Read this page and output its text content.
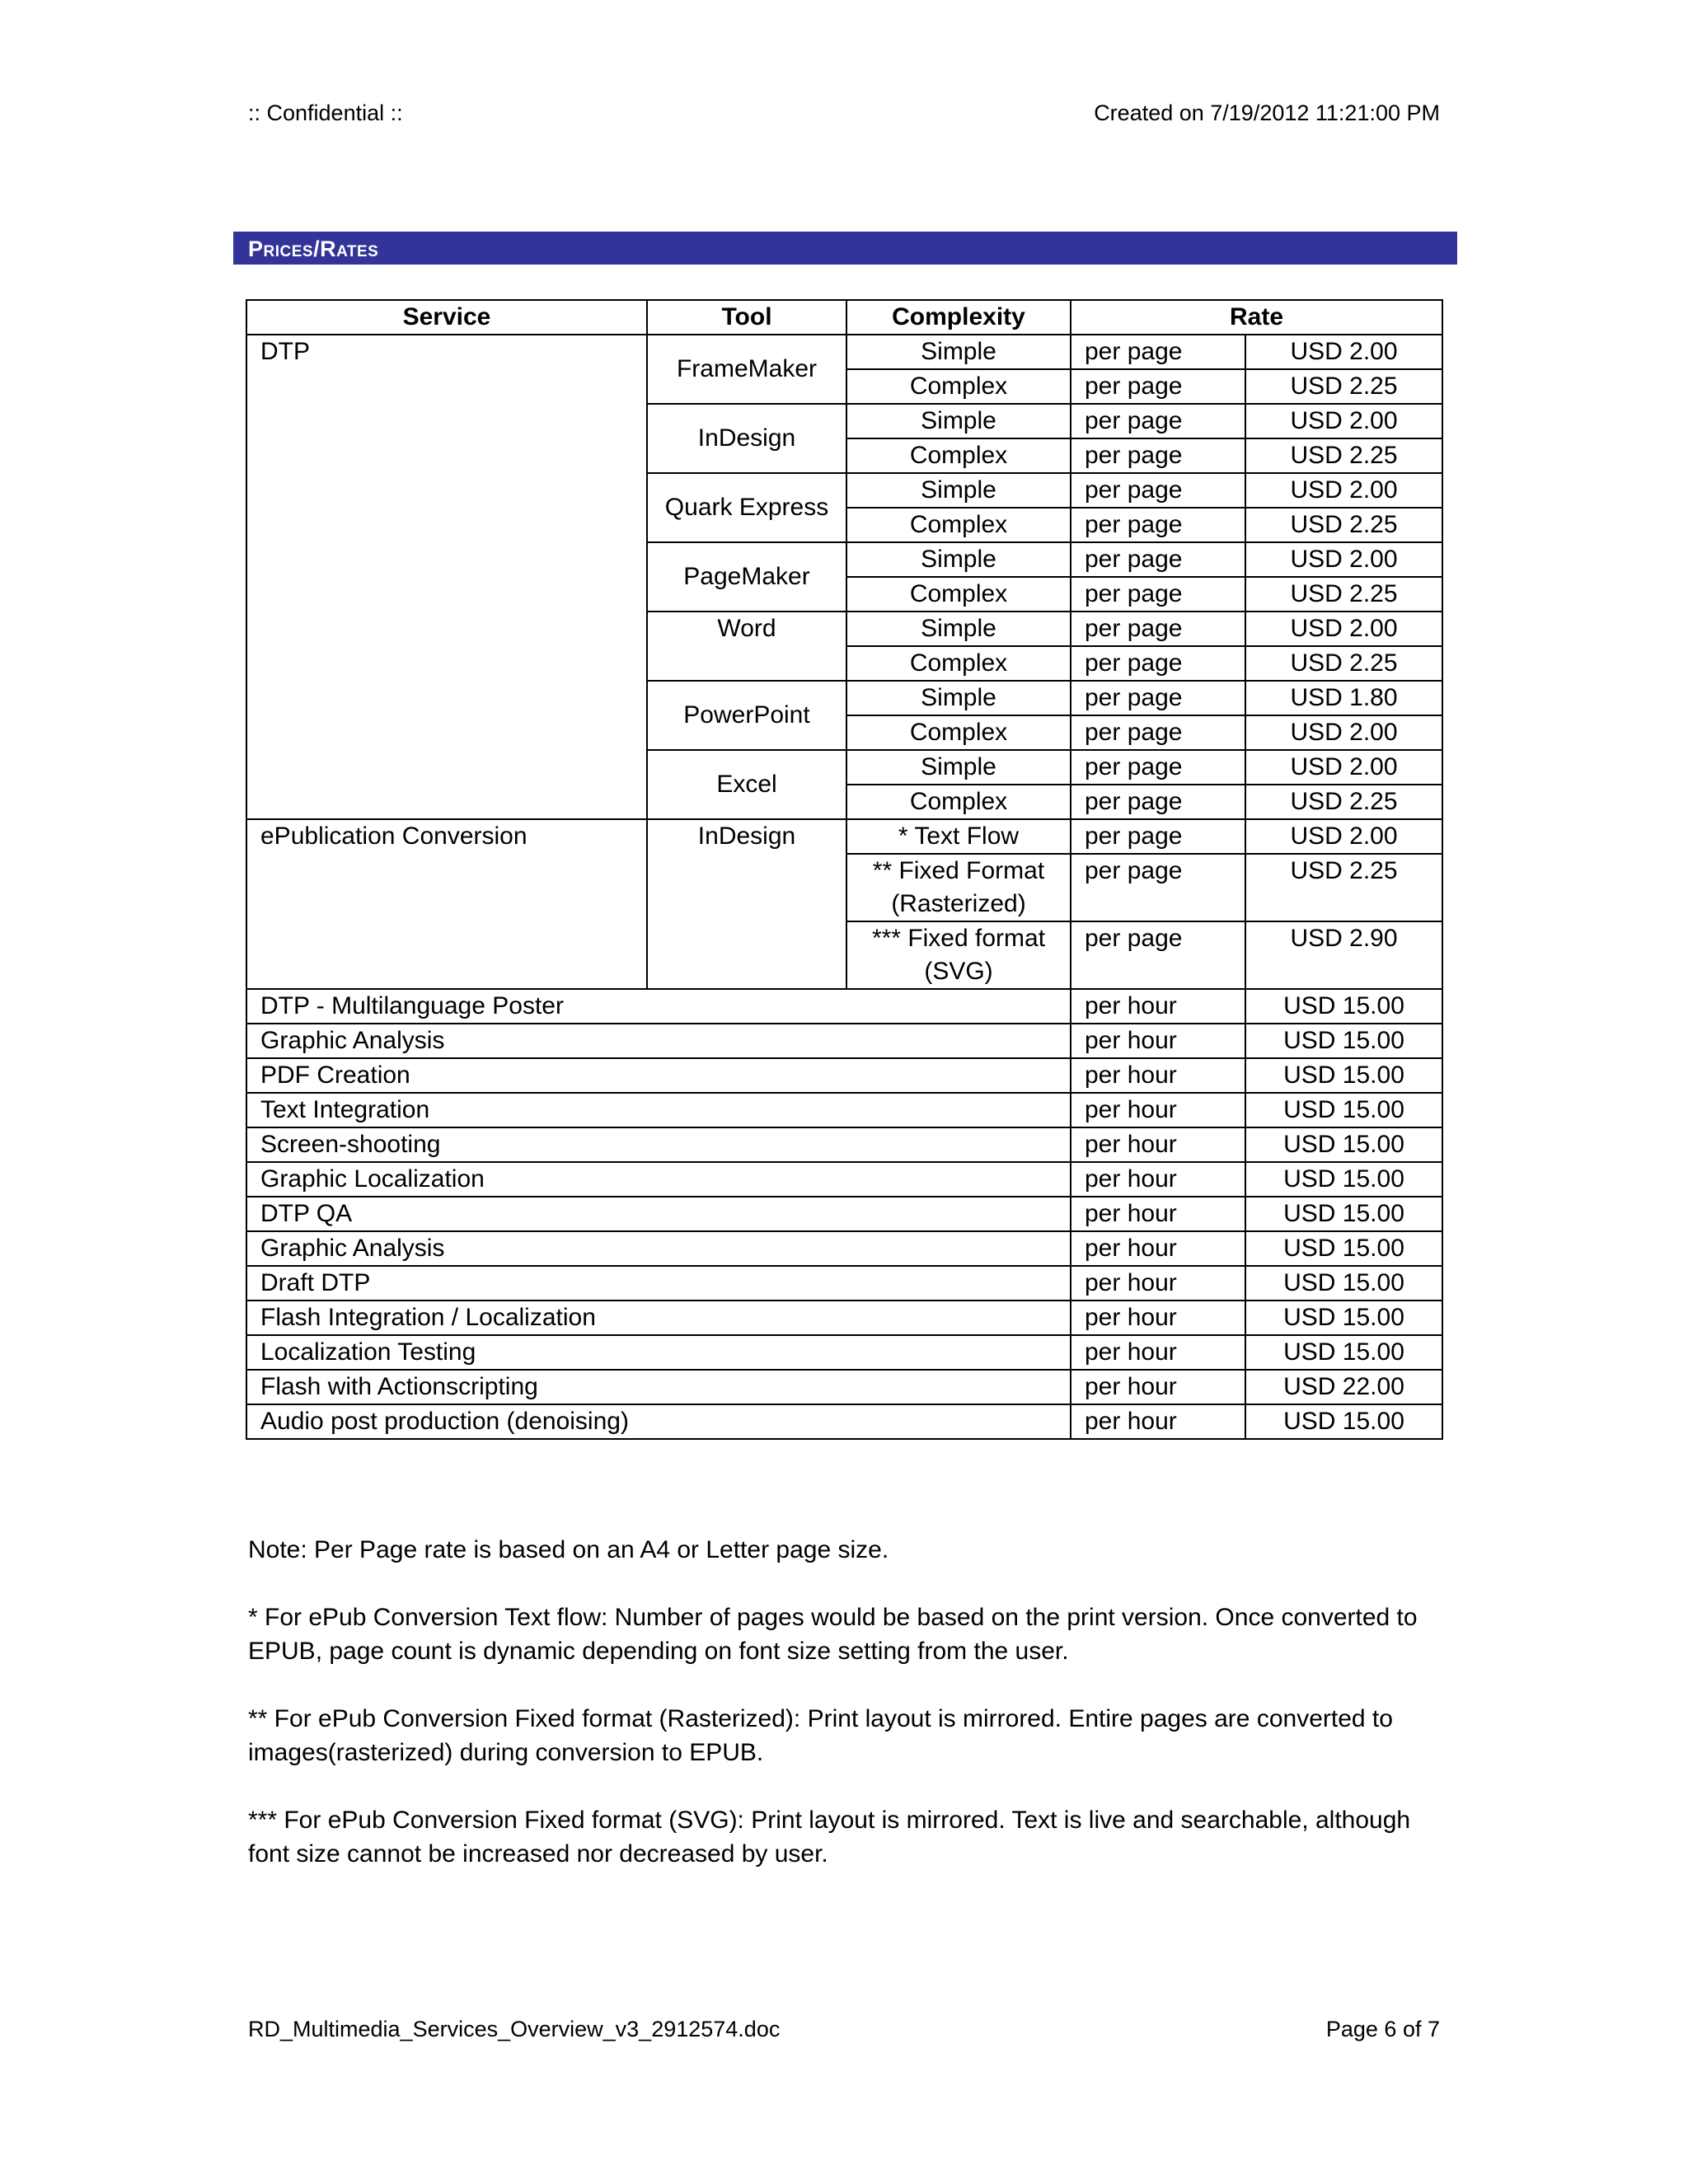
:: Confidential ::	Created on 7/19/2012 11:21:00 PM
Prices/Rates
Service	Tool	Complexity	Rate	
DTP	FrameMaker	Simple	per page	USD 2.00
		Complex	per page	USD 2.25
	InDesign	Simple	per page	USD 2.00
		Complex	per page	USD 2.25
	Quark Express	Simple	per page	USD 2.00
		Complex	per page	USD 2.25
	PageMaker	Simple	per page	USD 2.00
		Complex	per page	USD 2.25
	Word	Simple	per page	USD 2.00
		Complex	per page	USD 2.25
	PowerPoint	Simple	per page	USD 1.80
		Complex	per page	USD 2.00
	Excel	Simple	per page	USD 2.00
		Complex	per page	USD 2.25
ePublication Conversion	InDesign	* Text Flow	per page	USD 2.00
		** Fixed Format (Rasterized)	per page	USD 2.25
		*** Fixed format (SVG)	per page	USD 2.90
DTP - Multilanguage Poster			per hour	USD 15.00
Graphic Analysis			per hour	USD 15.00
PDF Creation			per hour	USD 15.00
Text Integration			per hour	USD 15.00
Screen-shooting			per hour	USD 15.00
Graphic Localization			per hour	USD 15.00
DTP QA			per hour	USD 15.00
Graphic Analysis			per hour	USD 15.00
Draft DTP			per hour	USD 15.00
Flash Integration / Localization			per hour	USD 15.00
Localization Testing			per hour	USD 15.00
Flash with Actionscripting			per hour	USD 22.00
Audio post production (denoising)			per hour	USD 15.00

Note: Per Page rate is based on an A4 or Letter page size.

* For ePub Conversion Text flow: Number of pages would be based on the print version. Once converted to EPUB, page count is dynamic depending on font size setting from the user.

** For ePub Conversion Fixed format (Rasterized): Print layout is mirrored. Entire pages are converted to images(rasterized) during conversion to EPUB.

*** For ePub Conversion Fixed format (SVG): Print layout is mirrored. Text is live and searchable, although font size cannot be increased nor decreased by user.

RD_Multimedia_Services_Overview_v3_2912574.doc	Page 6 of 7
